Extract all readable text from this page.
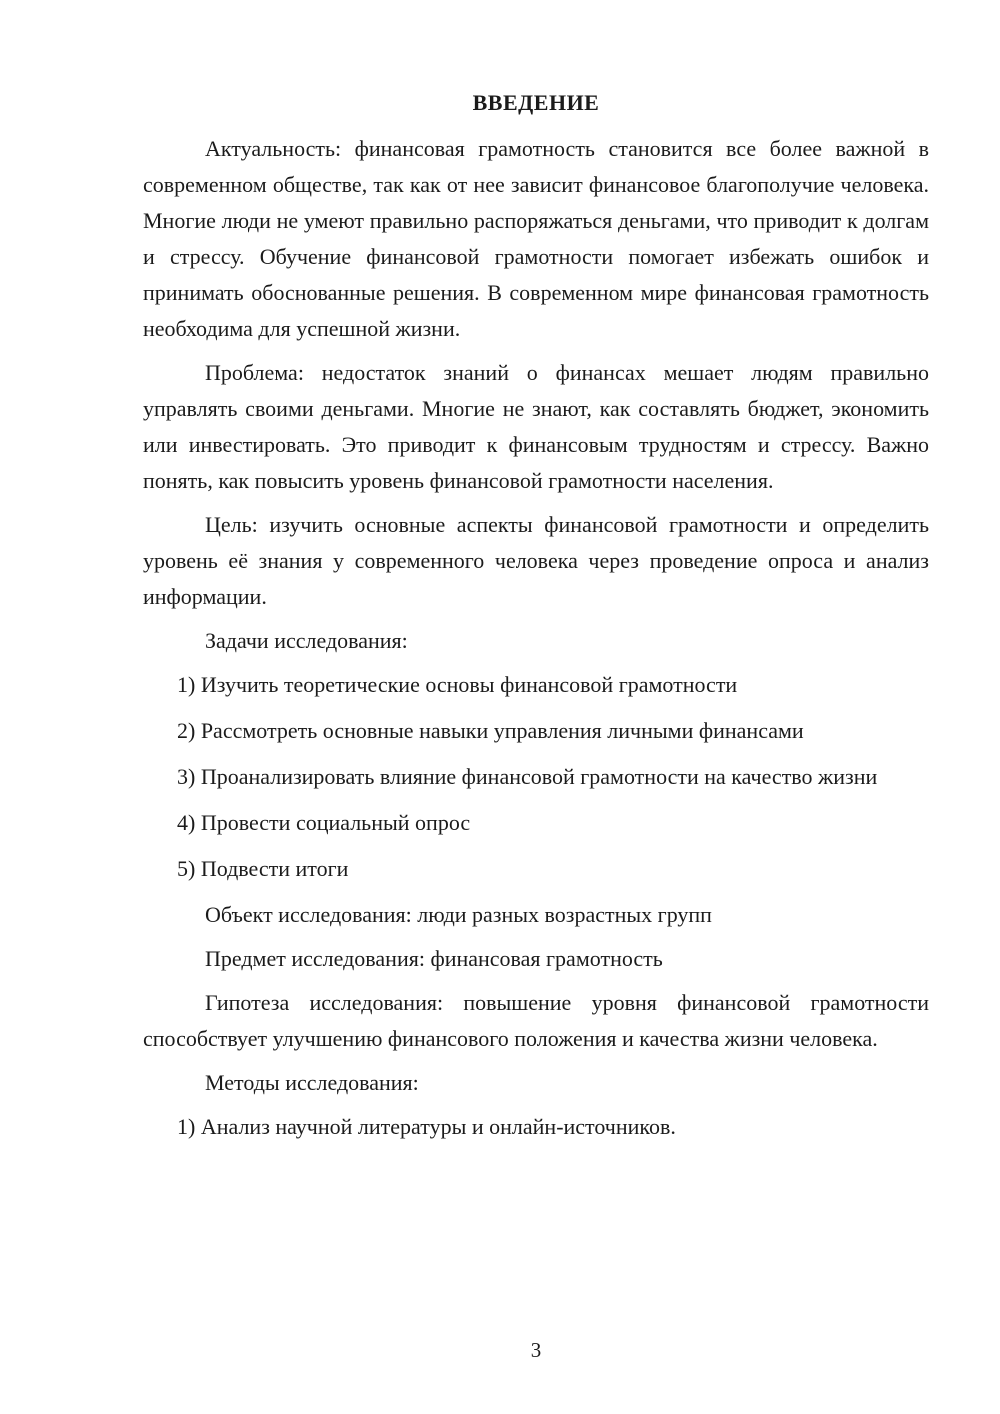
ВВЕДЕНИЕ

Актуальность: финансовая грамотность становится все более важной в современном обществе, так как от нее зависит финансовое благополучие человека. Многие люди не умеют правильно распоряжаться деньгами, что приводит к долгам и стрессу. Обучение финансовой грамотности помогает избежать ошибок и принимать обоснованные решения. В современном мире финансовая грамотность необходима для успешной жизни.

Проблема: недостаток знаний о финансах мешает людям правильно управлять своими деньгами. Многие не знают, как составлять бюджет, экономить или инвестировать. Это приводит к финансовым трудностям и стрессу. Важно понять, как повысить уровень финансовой грамотности населения.

Цель: изучить основные аспекты финансовой грамотности и определить уровень её знания у современного человека через проведение опроса и анализ информации.

Задачи исследования:

1) Изучить теоретические основы финансовой грамотности

2) Рассмотреть основные навыки управления личными финансами

3) Проанализировать влияние финансовой грамотности на качество жизни

4) Провести социальный опрос

5) Подвести итоги

Объект исследования: люди разных возрастных групп

Предмет исследования: финансовая грамотность

Гипотеза исследования: повышение уровня финансовой грамотности способствует улучшению финансового положения и качества жизни человека.

Методы исследования:

1) Анализ научной литературы и онлайн-источников.

3
